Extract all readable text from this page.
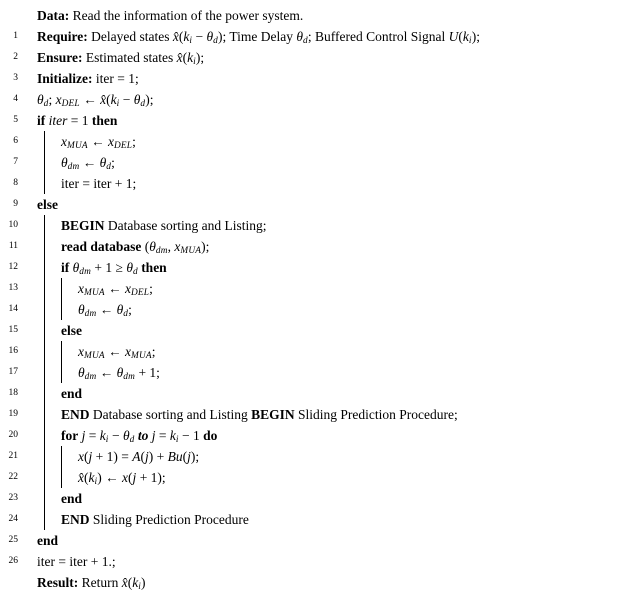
Data: Read the information of the power system.
1	Require: Delayed states $x̂(k_i - \theta_d)$; Time Delay $\theta_d$; Buffered Control Signal $U(k_i)$;
2	Ensure: Estimated states $x̂(k_i)$;
3	Initialize: iter = 1;
4	$\theta_d$; $x_{DEL}$ ← $x̂(k_i - \theta_d)$;
5	if iter = 1 then
6	$x_{MUA}$ ← $x_{DEL}$;
7	$\theta_{dm}$ ← $\theta_d$;
8	iter = iter + 1;
9	else
10	BEGIN Database sorting and Listing;
11	read database ($\theta_{dm}$, $x_{MUA}$);
12	if $\theta_{dm} + 1 \ge \theta_d$ then
13	$x_{MUA}$ ← $x_{DEL}$;
14	$\theta_{dm}$ ← $\theta_d$;
15	else
16	$x_{MUA}$ ← $x_{MUA}$;
17	$\theta_{dm}$ ← $\theta_{dm} + 1$;
18	end
19	END Database sorting and Listing BEGIN Sliding Prediction Procedure;
20	for $j = k_i - \theta_d$ to $j = k_i - 1$ do
21	x(j + 1) = A(j) + Bu(j);
22	$x̂(k_i)$ ← x(j + 1);
23	end
24	END Sliding Prediction Procedure
25	end
26	iter = iter + 1.;
Result: Return $x̂(k_i)$
